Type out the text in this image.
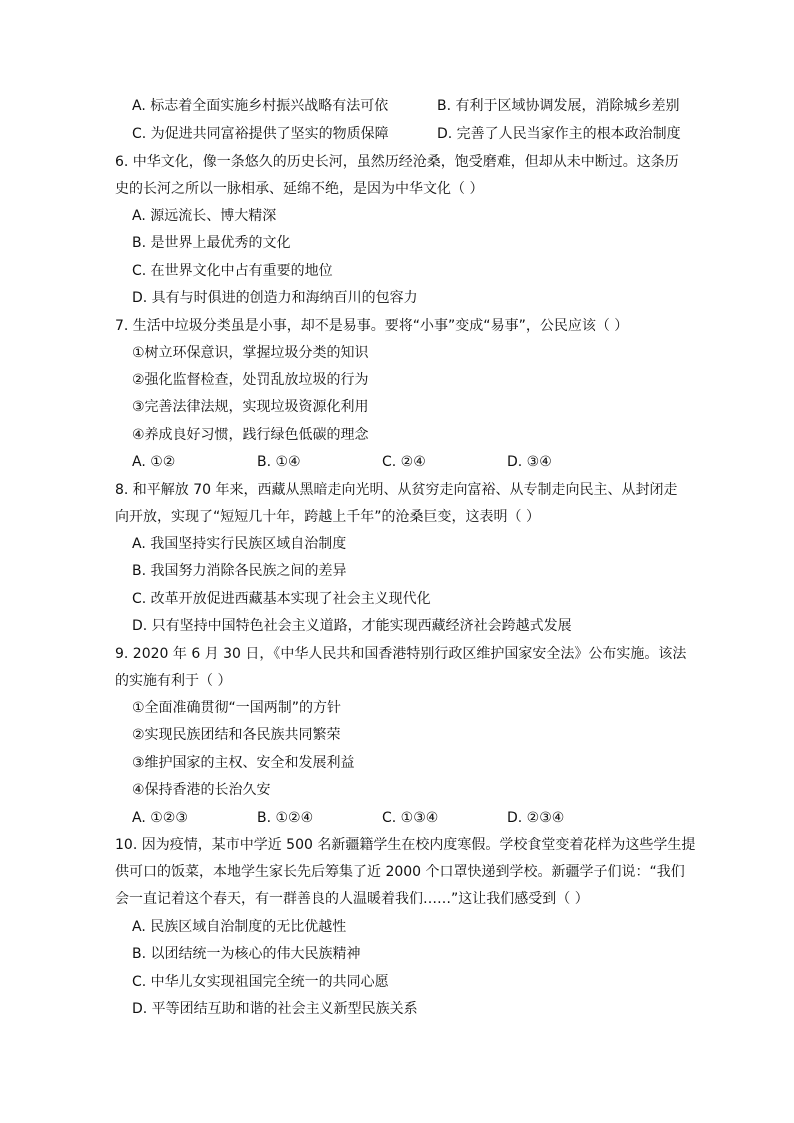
A. 标志着全面实施乡村振兴战略有法可依	B. 有利于区域协调发展，消除城乡差别
C. 为促进共同富裕提供了坚实的物质保障	D. 完善了人民当家作主的根本政治制度
6. 中华文化，像一条悠久的历史长河，虽然历经沧桑，饱受磨难，但却从未中断过。这条历
史的长河之所以一脉相承、延绵不绝，是因为中华文化（ ）
A. 源远流长、博大精深
B. 是世界上最优秀的文化
C. 在世界文化中占有重要的地位
D. 具有与时俱进的创造力和海纳百川的包容力
7. 生活中垃圾分类虽是小事，却不是易事。要将“小事”变成“易事”，公民应该（ ）
①树立环保意识，掌握垃圾分类的知识
②强化监督检查，处罚乱放垃圾的行为
③完善法律法规，实现垃圾资源化利用
④养成良好习惯，践行绿色低碳的理念
A. ①②	B. ①④	C. ②④	D. ③④
8. 和平解放 70 年来，西藏从黑暗走向光明、从贫穷走向富裕、从专制走向民主、从封闭走
向开放，实现了“短短几十年，跨越上千年”的沧桑巨变，这表明（ ）
A. 我国坚持实行民族区域自治制度
B. 我国努力消除各民族之间的差异
C. 改革开放促进西藏基本实现了社会主义现代化
D. 只有坚持中国特色社会主义道路，才能实现西藏经济社会跨越式发展
9. 2020 年 6 月 30 日，《中华人民共和国香港特别行政区维护国家安全法》公布实施。该法
的实施有利于（ ）
①全面准确贯彻“一国两制”的方针
②实现民族团结和各民族共同繁荣
③维护国家的主权、安全和发展利益
④保持香港的长治久安
A. ①②③	B. ①②④	C. ①③④	D. ②③④
10. 因为疫情，某市中学近 500 名新疆籍学生在校内度寒假。学校食堂变着花样为这些学生提
供可口的饭菜，本地学生家长先后筹集了近 2000 个口罩快递到学校。新疆学子们说：“我们
会一直记着这个春天，有一群善良的人温暖着我们……”这让我们感受到（ ）
A. 民族区域自治制度的无比优越性
B. 以团结统一为核心的伟大民族精神
C. 中华儿女实现祖国完全统一的共同心愿
D. 平等团结互助和谐的社会主义新型民族关系
